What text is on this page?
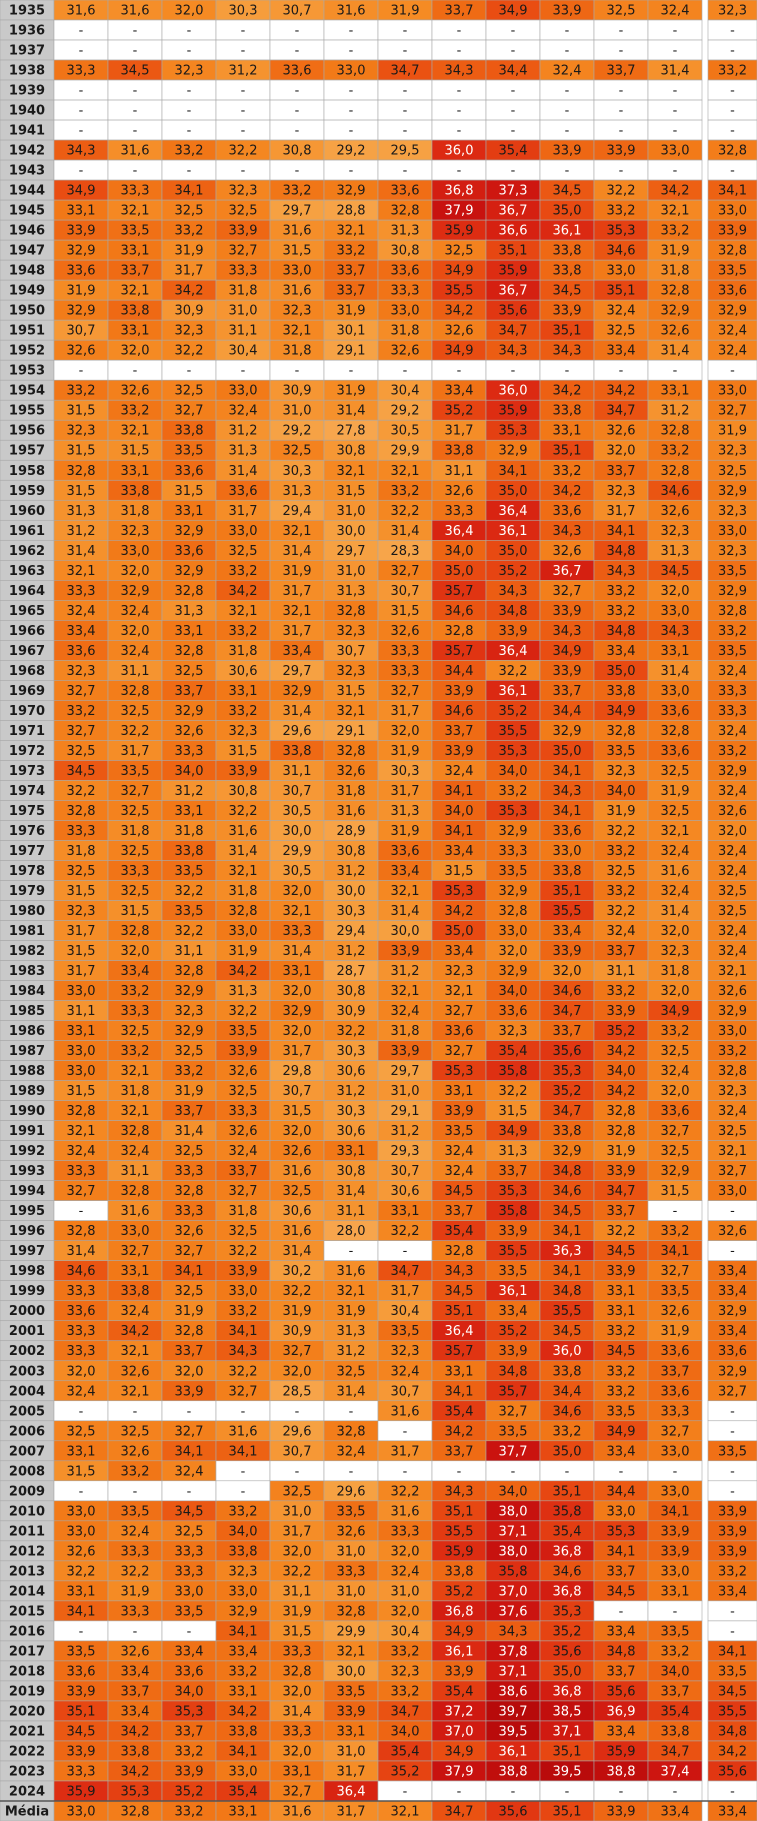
1935 31,6 31,6 32,0 30,3 30,7 31,6 31,9 33,7 34,9 33,9 32,5 32,4 32,3
1936	-	-	-	-	-	-	-	-	-	-	-	-	-
1937	-	-	-	-	-	-	-	-	-	-	-	-	-
1938 33,3 34,5 32,3 31,2 33,6 33,0 34,7 34,3 34,4 32,4 33,7 31,4 33,2
1939	-	-	-	-	-	-	-	-	-	-	-	-	-
1940	-	-	-	-	-	-	-	-	-	-	-	-	-
1941	-	-	-	-	-	-	-	-	-	-	-	-	-
1942 34,3 31,6 33,2 32,2 30,8 29,2 29,5 36,0 35,4 33,9 33,9 33,0 32,8
1943	-	-	-	-	-	-	-	-	-	-	-	-	-
1944 34,9 33,3 34,1 32,3 33,2 32,9 33,6 36,8 37,3 34,5 32,2 34,2 34,1
1945 33,1 32,1 32,5 32,5 29,7 28,8 32,8 37,9 36,7 35,0 33,2 32,1 33,0
1946 33,9 33,5 33,2 33,9 31,6 32,1 31,3 35,9 36,6 36,1 35,3 33,2 33,9
1947 32,9 33,1 31,9 32,7 31,5 33,2 30,8 32,5 35,1 33,8 34,6 31,9 32,8
1948 33,6 33,7 31,7 33,3 33,0 33,7 33,6 34,9 35,9 33,8 33,0 31,8 33,5
1949 31,9 32,1 34,2 31,8 31,6 33,7 33,3 35,5 36,7 34,5 35,1 32,8 33,6
1950 32,9 33,8 30,9 31,0 32,3 31,9 33,0 34,2 35,6 33,9 32,4 32,9 32,9
1951 30,7 33,1 32,3 31,1 32,1 30,1 31,8 32,6 34,7 35,1 32,5 32,6 32,4
1952 32,6 32,0 32,2 30,4 31,8 29,1 32,6 34,9 34,3 34,3 33,4 31,4 32,4
1953	-	-	-	-	-	-	-	-	-	-	-	-	-
1954 33,2 32,6 32,5 33,0 30,9 31,9 30,4 33,4 36,0 34,2 34,2 33,1 33,0
1955 31,5 33,2 32,7 32,4 31,0 31,4 29,2 35,2 35,9 33,8 34,7 31,2 32,7
1956 32,3 32,1 33,8 31,2 29,2 27,8 30,5 31,7 35,3 33,1 32,6 32,8 31,9
1957 31,5 31,5 33,5 31,3 32,5 30,8 29,9 33,8 32,9 35,1 32,0 33,2 32,3
1958 32,8 33,1 33,6 31,4 30,3 32,1 32,1 31,1 34,1 33,2 33,7 32,8 32,5
1959 31,5 33,8 31,5 33,6 31,3 31,5 33,2 32,6 35,0 34,2 32,3 34,6 32,9
1960 31,3 31,8 33,1 31,7 29,4 31,0 32,2 33,3 36,4 33,6 31,7 32,6 32,3
1961 31,2 32,3 32,9 33,0 32,1 30,0 31,4 36,4 36,1 34,3 34,1 32,3 33,0
1962 31,4 33,0 33,6 32,5 31,4 29,7 28,3 34,0 35,0 32,6 34,8 31,3 32,3
1963 32,1 32,0 32,9 33,2 31,9 31,0 32,7 35,0 35,2 36,7 34,3 34,5 33,5
1964 33,3 32,9 32,8 34,2 31,7 31,3 30,7 35,7 34,3 32,7 33,2 32,0 32,9
1965 32,4 32,4 31,3 32,1 32,1 32,8 31,5 34,6 34,8 33,9 33,2 33,0 32,8
1966 33,4 32,0 33,1 33,2 31,7 32,3 32,6 32,8 33,9 34,3 34,8 34,3 33,2
1967 33,6 32,4 32,8 31,8 33,4 30,7 33,3 35,7 36,4 34,9 33,4 33,1 33,5
1968 32,3 31,1 32,5 30,6 29,7 32,3 33,3 34,4 32,2 33,9 35,0 31,4 32,4
1969 32,7 32,8 33,7 33,1 32,9 31,5 32,7 33,9 36,1 33,7 33,8 33,0 33,3
1970 33,2 32,5 32,9 33,2 31,4 32,1 31,7 34,6 35,2 34,4 34,9 33,6 33,3
1971 32,7 32,2 32,6 32,3 29,6 29,1 32,0 33,7 35,5 32,9 32,8 32,8 32,4
1972 32,5 31,7 33,3 31,5 33,8 32,8 31,9 33,9 35,3 35,0 33,5 33,6 33,2
1973 34,5 33,5 34,0 33,9 31,1 32,6 30,3 32,4 34,0 34,1 32,3 32,5 32,9
1974 32,2 32,7 31,2 30,8 30,7 31,8 31,7 34,1 33,2 34,3 34,0 31,9 32,4
1975 32,8 32,5 33,1 32,2 30,5 31,6 31,3 34,0 35,3 34,1 31,9 32,5 32,6
1976 33,3 31,8 31,8 31,6 30,0 28,9 31,9 34,1 32,9 33,6 32,2 32,1 32,0
1977 31,8 32,5 33,8 31,4 29,9 30,8 33,6 33,4 33,3 33,0 33,2 32,4 32,4
1978 32,5 33,3 33,5 32,1 30,5 31,2 33,4 31,5 33,5 33,8 32,5 31,6 32,4
1979 31,5 32,5 32,2 31,8 32,0 30,0 32,1 35,3 32,9 35,1 33,2 32,4 32,5
1980 32,3 31,5 33,5 32,8 32,1 30,3 31,4 34,2 32,8 35,5 32,2 31,4 32,5
1981 31,7 32,8 32,2 33,0 33,3 29,4 30,0 35,0 33,0 33,4 32,4 32,0 32,4
1982 31,5 32,0 31,1 31,9 31,4 31,2 33,9 33,4 32,0 33,9 33,7 32,3 32,4
1983 31,7 33,4 32,8 34,2 33,1 28,7 31,2 32,3 32,9 32,0 31,1 31,8 32,1
1984 33,0 33,2 32,9 31,3 32,0 30,8 32,1 32,1 34,0 34,6 33,2 32,0 32,6
1985 31,1 33,3 32,3 32,2 32,9 30,9 32,4 32,7 33,6 34,7 33,9 34,9 32,9
1986 33,1 32,5 32,9 33,5 32,0 32,2 31,8 33,6 32,3 33,7 35,2 33,2 33,0
1987 33,0 33,2 32,5 33,9 31,7 30,3 33,9 32,7 35,4 35,6 34,2 32,5 33,2
1988 33,0 32,1 33,2 32,6 29,8 30,6 29,7 35,3 35,8 35,3 34,0 32,4 32,8
1989 31,5 31,8 31,9 32,5 30,7 31,2 31,0 33,1 32,2 35,2 34,2 32,0 32,3
1990 32,8 32,1 33,7 33,3 31,5 30,3 29,1 33,9 31,5 34,7 32,8 33,6 32,4
1991 32,1 32,8 31,4 32,6 32,0 30,6 31,2 33,5 34,9 33,8 32,8 32,7 32,5
1992 32,4 32,4 32,5 32,4 32,6 33,1 29,3 32,4 31,3 32,9 31,9 32,5 32,1
1993 33,3 31,1 33,3 33,7 31,6 30,8 30,7 32,4 33,7 34,8 33,9 32,9 32,7
1994 32,7 32,8 32,8 32,7 32,5 31,4 30,6 34,5 35,3 34,6 34,7 31,5 33,0
1995	-	31,6 33,3 31,8 30,6 31,1 33,1 33,7 35,8 34,5 33,7	-	-
1996 32,8 33,0 32,6 32,5 31,6 28,0 32,2 35,4 33,9 34,1 32,2 33,2 32,6
1997 31,4 32,7 32,7 32,2 31,4	-	-	32,8 35,5 36,3 34,5 34,1	-
1998 34,6 33,1 34,1 33,9 30,2 31,6 34,7 34,3 33,5 34,1 33,9 32,7 33,4
1999 33,3 33,8 32,5 33,0 32,2 32,1 31,7 34,5 36,1 34,8 33,1 33,5 33,4
2000 33,6 32,4 31,9 33,2 31,9 31,9 30,4 35,1 33,4 35,5 33,1 32,6 32,9
2001 33,3 34,2 32,8 34,1 30,9 31,3 33,5 36,4 35,2 34,5 33,2 31,9 33,4
2002 33,3 32,1 33,7 34,3 32,7 31,2 32,3 35,7 33,9 36,0 34,5 33,6 33,6
2003 32,0 32,6 32,0 32,2 32,0 32,5 32,4 33,1 34,8 33,8 33,2 33,7 32,9
2004 32,4 32,1 33,9 32,7 28,5 31,4 30,7 34,1 35,7 34,4 33,2 33,6 32,7
2005	-	-	-	-	-	-	31,6 35,4 32,7 34,6 33,5 33,3	-
2006 32,5 32,5 32,7 31,6 29,6 32,8	-	34,2 33,5 33,2 34,9 32,7	-
2007 33,1 32,6 34,1 34,1 30,7 32,4 31,7 33,7 37,7 35,0 33,4 33,0 33,5
2008 31,5 33,2 32,4	-	-	-	-	-	-	-	-	-	-
2009	-	-	-	-	32,5 29,6 32,2 34,3 34,0 35,1 34,4 33,0	-
2010 33,0 33,5 34,5 33,2 31,0 33,5 31,6 35,1 38,0 35,8 33,0 34,1 33,9
2011 33,0 32,4 32,5 34,0 31,7 32,6 33,3 35,5 37,1 35,4 35,3 33,9 33,9
2012 32,6 33,3 33,3 33,8 32,0 31,0 32,0 35,9 38,0 36,8 34,1 33,9 33,9
2013 32,2 32,2 33,3 32,3 32,2 33,3 32,4 33,8 35,8 34,6 33,7 33,0 33,2
2014 33,1 31,9 33,0 33,0 31,1 31,0 31,0 35,2 37,0 36,8 34,5 33,1 33,4
2015 34,1 33,3 33,5 32,9 31,9 32,8 32,0 36,8 37,6 35,3	-	-	-
2016	-	-	-	34,1 31,5 29,9 30,4 34,9 34,3 35,2 33,4 33,5	-
2017 33,5 32,6 33,4 33,4 33,3 32,1 33,2 36,1 37,8 35,6 34,8 33,2 34,1
2018 33,6 33,4 33,6 33,2 32,8 30,0 32,3 33,9 37,1 35,0 33,7 34,0 33,5
2019 33,9 33,7 34,0 33,1 32,0 33,5 33,2 35,4 38,6 36,8 35,6 33,7 34,5
2020 35,1 33,4 35,3 34,2 31,4 33,9 34,7 37,2 39,7 38,5 36,9 35,4 35,5
2021 34,5 34,2 33,7 33,8 33,3 33,1 34,0 37,0 39,5 37,1 33,4 33,8 34,8
2022 33,9 33,8 33,2 34,1 32,0 31,0 35,4 34,9 36,1 35,1 35,9 34,7 34,2
2023 33,3 34,2 33,9 33,0 33,1 31,7 35,2 37,9 38,8 39,5 38,8 37,4 35,6
2024 35,9 35,3 35,2 35,4 32,7 36,4	-	-	-	-	-	-	-
Média 33,0 32,8 33,2 33,1 31,6 31,7 32,1 34,7 35,6 35,1 33,9 33,4 33,4
